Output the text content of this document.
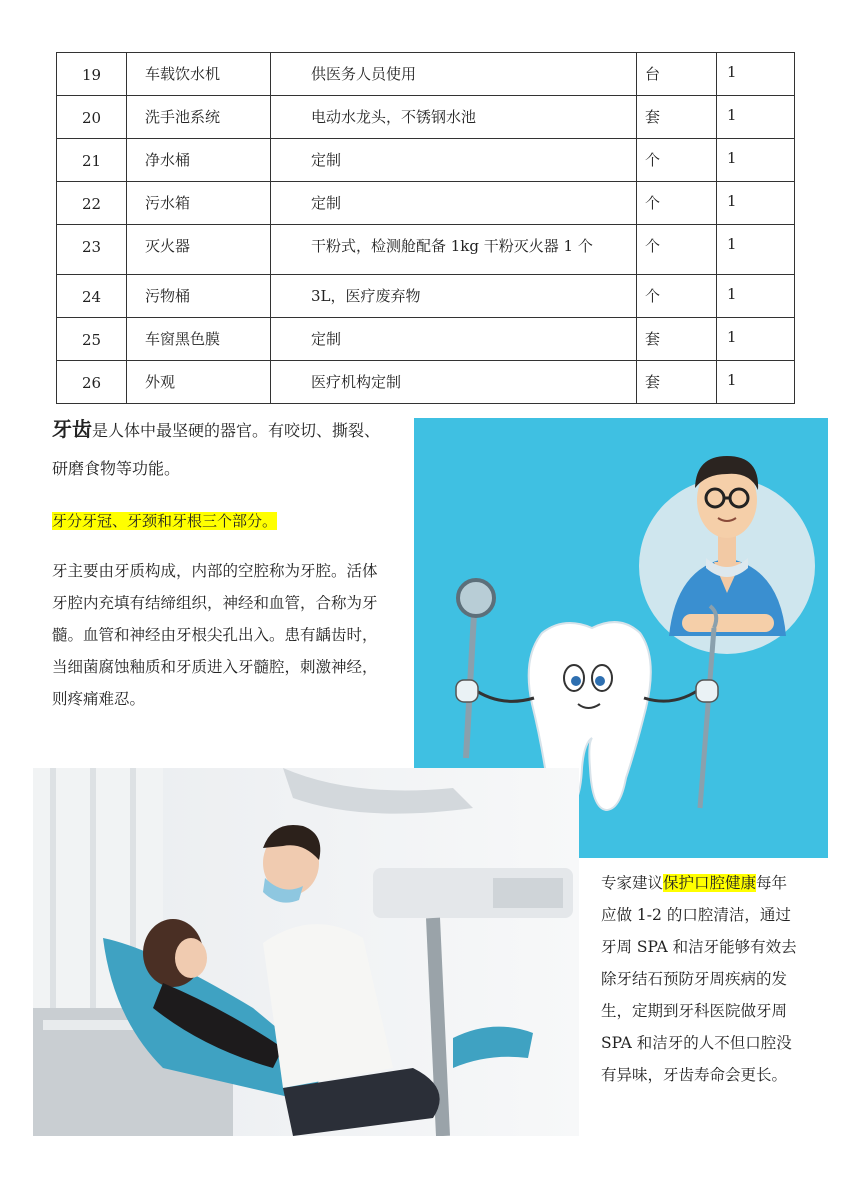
19	车载饮水机	供医务人员使用	台	1
20	洗手池系统	电动水龙头，不锈钢水池	套	1
21	净水桶	定制	个	1
22	污水箱	定制	个	1
23	灭火器	干粉式，检测舱配备 1kg 干粉灭火器 1 个	个	1
24	污物桶	3L，医疗废弃物	个	1
25	车窗黑色膜	定制	套	1
26	外观	医疗机构定制	套	1

牙齿是人体中最坚硬的器官。有咬切、撕裂、研磨食物等功能。

牙分牙冠、牙颈和牙根三个部分。

牙主要由牙质构成，内部的空腔称为牙腔。活体牙腔内充填有结缔组织，神经和血管，合称为牙髓。血管和神经由牙根尖孔出入。患有龋齿时，当细菌腐蚀釉质和牙质进入牙髓腔，刺激神经，则疼痛难忍。

专家建议保护口腔健康每年应做 1-2 的口腔清洁，通过牙周 SPA 和洁牙能够有效去除牙结石预防牙周疾病的发生，定期到牙科医院做牙周 SPA 和洁牙的人不但口腔没有异味，牙齿寿命会更长。
